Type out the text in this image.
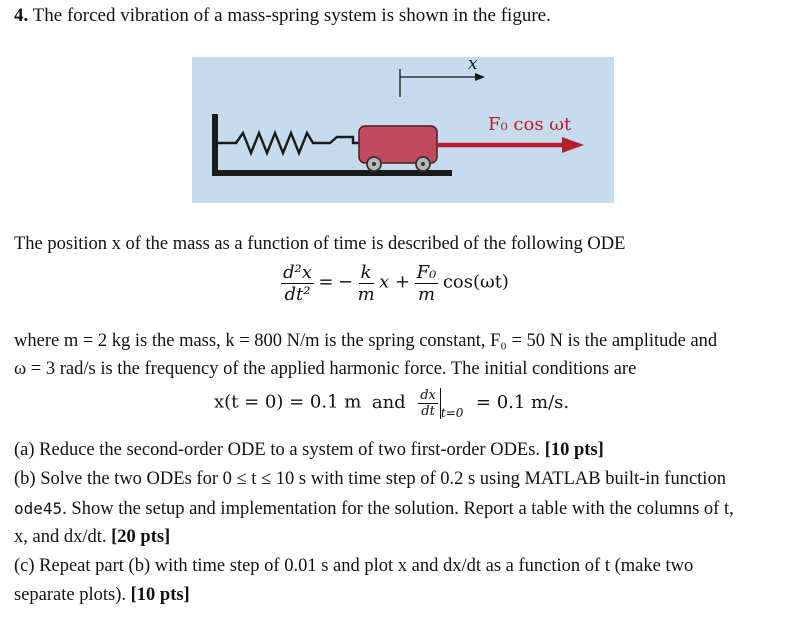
4. The forced vibration of a mass-spring system is shown in the figure.
x
F₀ cos ωt
The position x of the mass as a function of time is described of the following ODE
$\frac{\text{d²x}}{\text{dt²}}$ = − $\frac{k}{m}$ $x + \frac{\text{F₀}}{m} \cos(\omega t)$
where m = 2 kg is the mass, k = 800 N/m is the spring constant, F₀ = 50 N is the amplitude and
ω = 3 rad/s is the frequency of the applied harmonic force. The initial conditions are
x(t = 0) = 0.1 m and $\frac{dx}{dt} _{t=0} = 0.1$ m/s.
(a) Reduce the second-order ODE to a system of two first-order ODEs. [10 pts]
(b) Solve the two ODEs for 0 ≤ t ≤ 10 s with time step of 0.2 s using MATLAB built-in function
ode45. Show the setup and implementation for the solution. Report a table with the columns of t,
x, and dx/dt. [20 pts]
(c) Repeat part (b) with time step of 0.01 s and plot x and dx/dt as a function of t (make two
separate plots). [10 pts]
